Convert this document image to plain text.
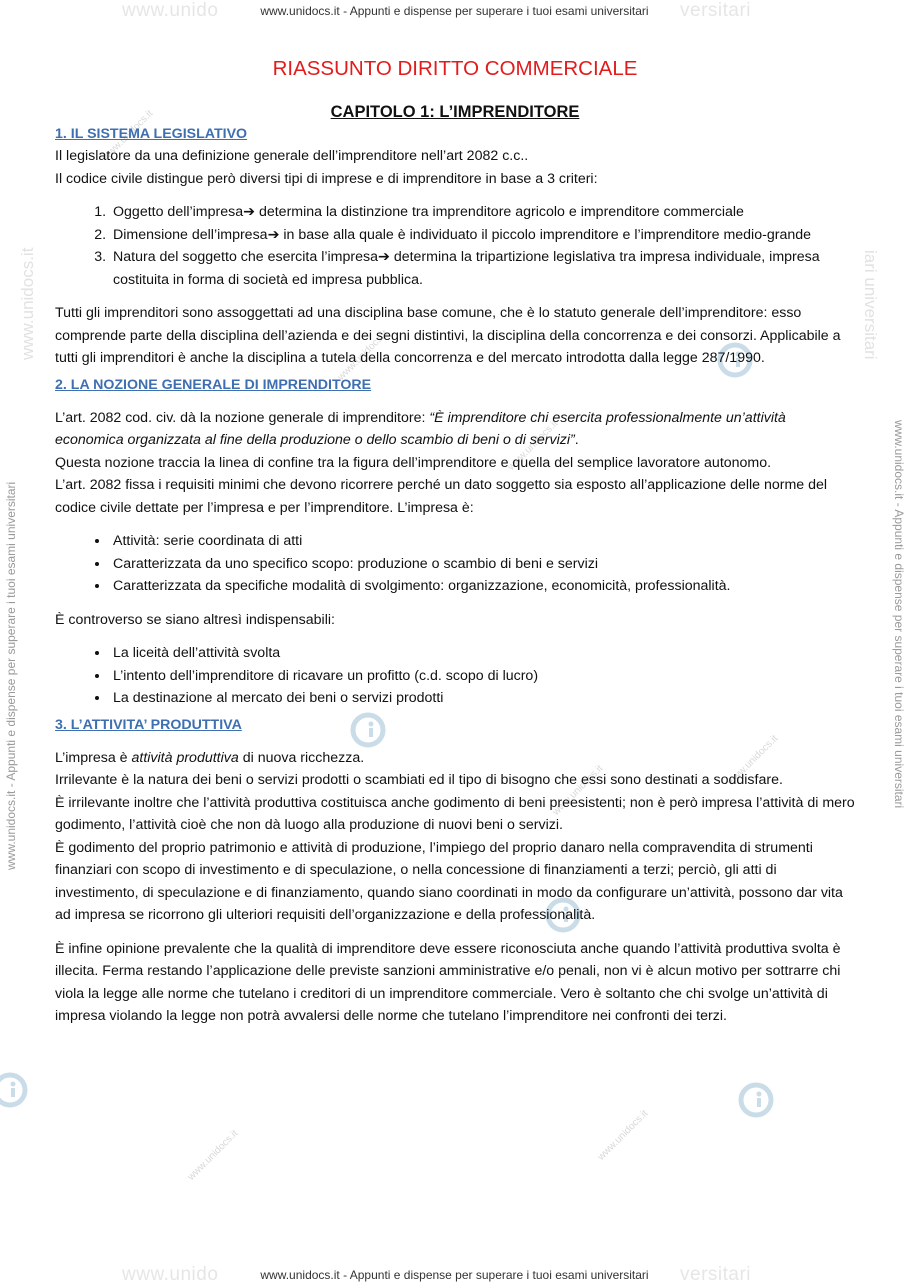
www.unido	versitari
www.unido	versitari
www.unidocs.it - Appunti e dispense per superare i tuoi esami universitari
www.unidocs.it - Appunti e dispense per superare i tuoi esami universitari
www.unidocs.it - Appunti e dispense per superare i tuoi esami universitari
www.unidocs.it
www.unidocs.it - Appunti e dispense per superare i tuoi esami universitari
iari universitari
www.unidocs.it
www.unidocs.it
www.unidocs.it
www.unidocs.it
www.unidocs.it
www.unidocs.it	www.unidocs.it
RIASSUNTO DIRITTO COMMERCIALE
CAPITOLO 1: L’IMPRENDITORE
1. IL SISTEMA LEGISLATIVO

Il legislatore da una definizione generale dell’imprenditore nell’art 2082 c.c..

Il codice civile distingue però diversi tipi di imprese e di imprenditore in base a 3 criteri:

1. Oggetto dell’impresa➔ determina la distinzione tra imprenditore agricolo e imprenditore commerciale
2. Dimensione dell’impresa➔ in base alla quale è individuato il piccolo imprenditore e l’imprenditore medio-grande
3. Natura del soggetto che esercita l’impresa➔ determina la tripartizione legislativa tra impresa individuale, impresa costituita in forma di società ed impresa pubblica.

Tutti gli imprenditori sono assoggettati ad una disciplina base comune, che è lo statuto generale dell’imprenditore: esso comprende parte della disciplina dell’azienda e dei segni distintivi, la disciplina della concorrenza e dei consorzi. Applicabile a tutti gli imprenditori è anche la disciplina a tutela della concorrenza e del mercato introdotta dalla legge 287/1990.

2. LA NOZIONE GENERALE DI IMPRENDITORE

L’art. 2082 cod. civ. dà la nozione generale di imprenditore: “È imprenditore chi esercita professionalmente un’attività economica organizzata al fine della produzione o dello scambio di beni o di servizi”.

Questa nozione traccia la linea di confine tra la figura dell’imprenditore e quella del semplice lavoratore autonomo.

L’art. 2082 fissa i requisiti minimi che devono ricorrere perché un dato soggetto sia esposto all’applicazione delle norme del codice civile dettate per l’impresa e per l’imprenditore. L’impresa è:

• Attività: serie coordinata di atti
• Caratterizzata da uno specifico scopo: produzione o scambio di beni e servizi
• Caratterizzata da specifiche modalità di svolgimento: organizzazione, economicità, professionalità.

È controverso se siano altresì indispensabili:

• La liceità dell’attività svolta
• L’intento dell’imprenditore di ricavare un profitto (c.d. scopo di lucro)
• La destinazione al mercato dei beni o servizi prodotti
3. L’ATTIVITA’ PRODUTTIVA

L’impresa è attività produttiva di nuova ricchezza.

Irrilevante è la natura dei beni o servizi prodotti o scambiati ed il tipo di bisogno che essi sono destinati a soddisfare.

È irrilevante inoltre che l’attività produttiva costituisca anche godimento di beni preesistenti; non è però impresa l’attività di mero godimento, l’attività cioè che non dà luogo alla produzione di nuovi beni o servizi.

È godimento del proprio patrimonio e attività di produzione, l’impiego del proprio danaro nella compravendita di strumenti finanziari con scopo di investimento e di speculazione, o nella concessione di finanziamenti a terzi; perciò, gli atti di investimento, di speculazione e di finanziamento, quando siano coordinati in modo da configurare un’attività, possono dar vita ad impresa se ricorrono gli ulteriori requisiti dell’organizzazione e della professionalità.

È infine opinione prevalente che la qualità di imprenditore deve essere riconosciuta anche quando l’attività produttiva svolta è illecita. Ferma restando l’applicazione delle previste sanzioni amministrative e/o penali, non vi è alcun motivo per sottrarre chi viola la legge alle norme che tutelano i creditori di un imprenditore commerciale. Vero è soltanto che chi svolge un’attività di impresa violando la legge non potrà avvalersi delle norme che tutelano l’imprenditore nei confronti dei terzi.
